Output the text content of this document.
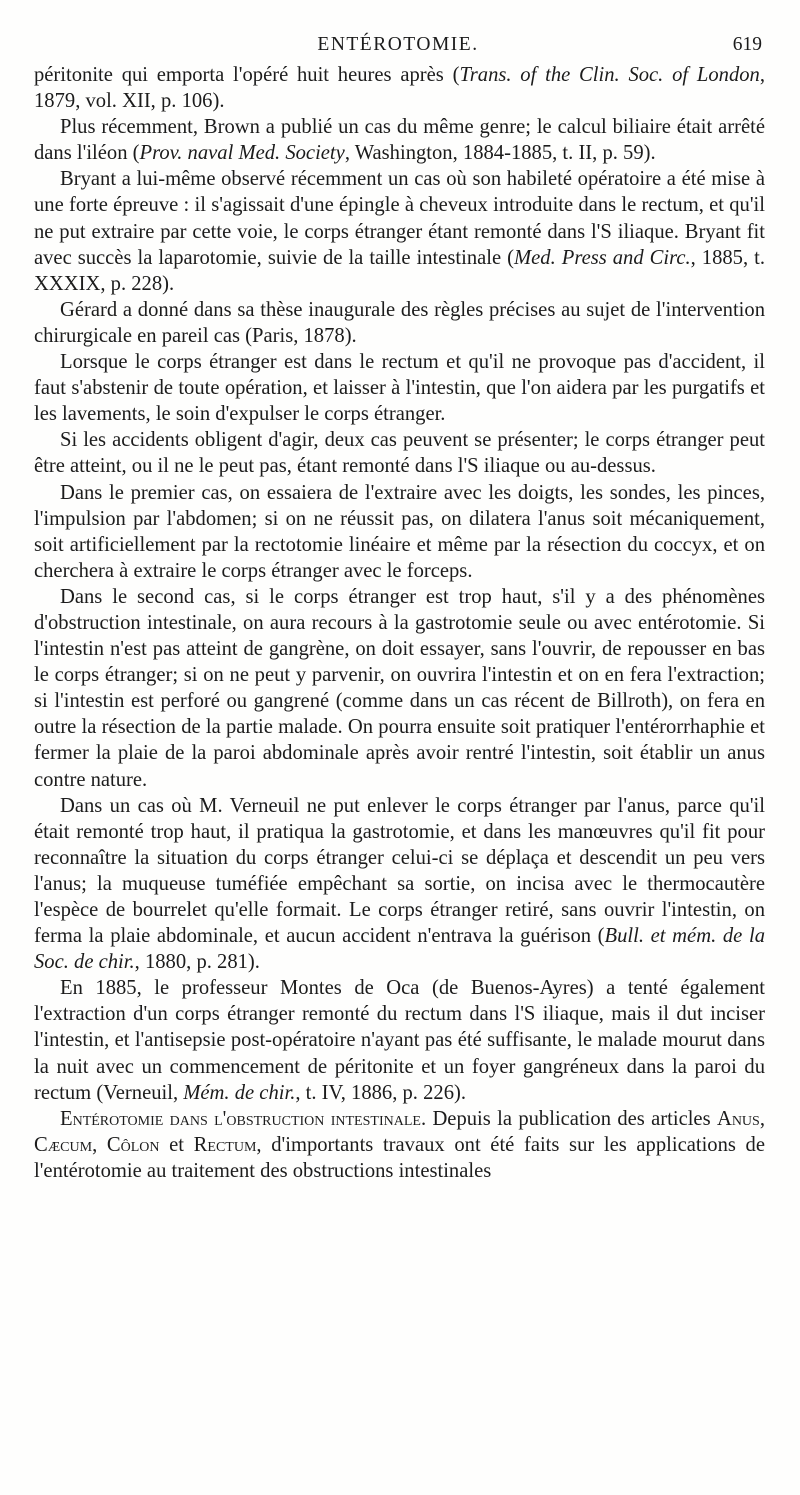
ENTÉROTOMIE.	619

péritonite qui emporta l'opéré huit heures après (Trans. of the Clin. Soc. of London, 1879, vol. XII, p. 106).

Plus récemment, Brown a publié un cas du même genre; le calcul biliaire était arrêté dans l'iléon (Prov. naval Med. Society, Washington, 1884-1885, t. II, p. 59).

Bryant a lui-même observé récemment un cas où son habileté opératoire a été mise à une forte épreuve : il s'agissait d'une épingle à cheveux introduite dans le rectum, et qu'il ne put extraire par cette voie, le corps étranger étant remonté dans l'S iliaque. Bryant fit avec succès la laparotomie, suivie de la taille intestinale (Med. Press and Circ., 1885, t. XXXIX, p. 228).

Gérard a donné dans sa thèse inaugurale des règles précises au sujet de l'intervention chirurgicale en pareil cas (Paris, 1878).

Lorsque le corps étranger est dans le rectum et qu'il ne provoque pas d'accident, il faut s'abstenir de toute opération, et laisser à l'intestin, que l'on aidera par les purgatifs et les lavements, le soin d'expulser le corps étranger.

Si les accidents obligent d'agir, deux cas peuvent se présenter; le corps étranger peut être atteint, ou il ne le peut pas, étant remonté dans l'S iliaque ou au-dessus.

Dans le premier cas, on essaiera de l'extraire avec les doigts, les sondes, les pinces, l'impulsion par l'abdomen; si on ne réussit pas, on dilatera l'anus soit mécaniquement, soit artificiellement par la rectotomie linéaire et même par la résection du coccyx, et on cherchera à extraire le corps étranger avec le forceps.

Dans le second cas, si le corps étranger est trop haut, s'il y a des phénomènes d'obstruction intestinale, on aura recours à la gastrotomie seule ou avec entérotomie. Si l'intestin n'est pas atteint de gangrène, on doit essayer, sans l'ouvrir, de repousser en bas le corps étranger; si on ne peut y parvenir, on ouvrira l'intestin et on en fera l'extraction; si l'intestin est perforé ou gangrené (comme dans un cas récent de Billroth), on fera en outre la résection de la partie malade. On pourra ensuite soit pratiquer l'entérorrhaphie et fermer la plaie de la paroi abdominale après avoir rentré l'intestin, soit établir un anus contre nature.

Dans un cas où M. Verneuil ne put enlever le corps étranger par l'anus, parce qu'il était remonté trop haut, il pratiqua la gastrotomie, et dans les manœuvres qu'il fit pour reconnaître la situation du corps étranger celui-ci se déplaça et descendit un peu vers l'anus; la muqueuse tuméfiée empêchant sa sortie, on incisa avec le thermocautère l'espèce de bourrelet qu'elle formait. Le corps étranger retiré, sans ouvrir l'intestin, on ferma la plaie abdominale, et aucun accident n'entrava la guérison (Bull. et mém. de la Soc. de chir., 1880, p. 281).

En 1885, le professeur Montes de Oca (de Buenos-Ayres) a tenté également l'extraction d'un corps étranger remonté du rectum dans l'S iliaque, mais il dut inciser l'intestin, et l'antisepsie post-opératoire n'ayant pas été suffisante, le malade mourut dans la nuit avec un commencement de péritonite et un foyer gangréneux dans la paroi du rectum (Verneuil, Mém. de chir., t. IV, 1886, p. 226).

Entérotomie dans l'obstruction intestinale. Depuis la publication des articles Anus, Cæcum, Côlon et Rectum, d'importants travaux ont été faits sur les applications de l'entérotomie au traitement des obstructions intestinales
